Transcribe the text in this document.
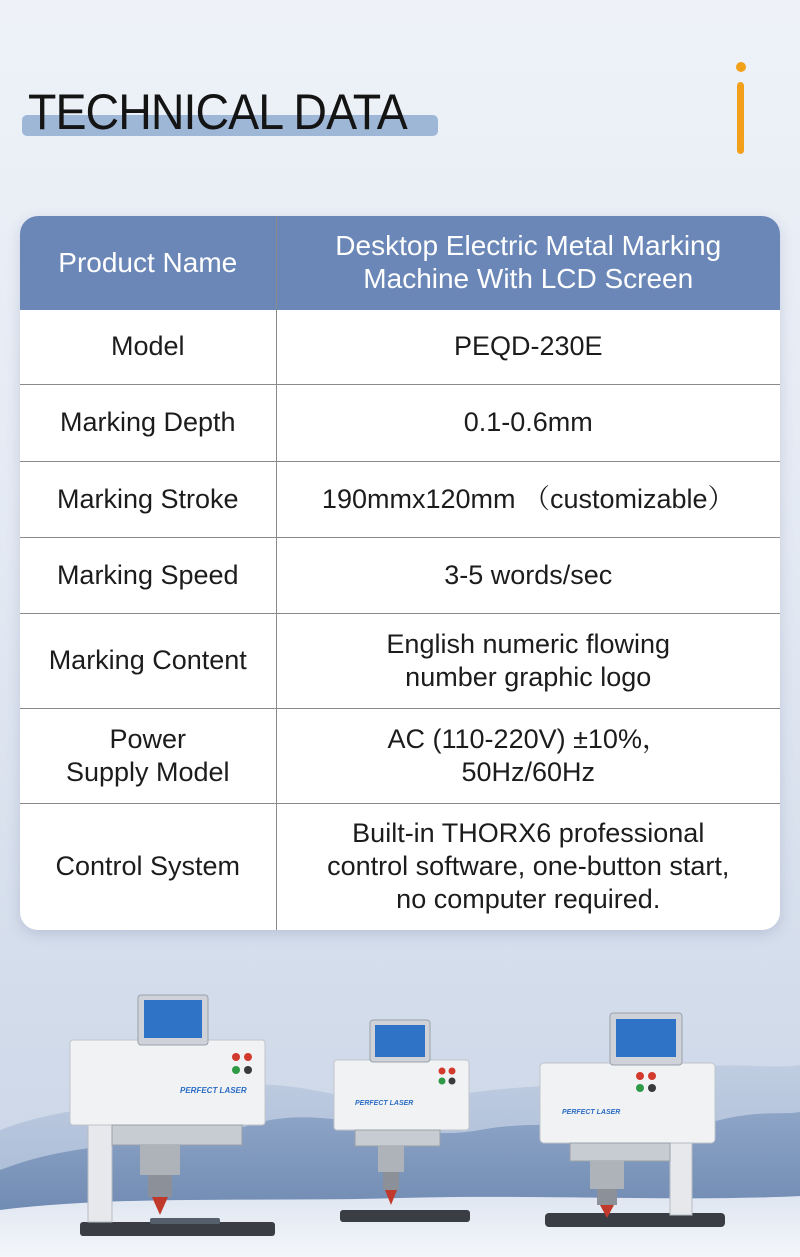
TECHNICAL DATA
Product Name	Desktop Electric Metal Marking
Machine With LCD Screen
Model	PEQD-230E
Marking Depth	0.1-0.6mm
Marking Stroke	190mmx120mm （customizable）
Marking Speed	3-5 words/sec
Marking Content	English numeric flowing
number graphic logo
Power
Supply Model	AC (110-220V) ±10%，
50Hz/60Hz
Control System	Built-in THORX6 professional
control software, one-button start,
no computer required.
PERFECT LASER
PERFECT LASER
PERFECT LASER
